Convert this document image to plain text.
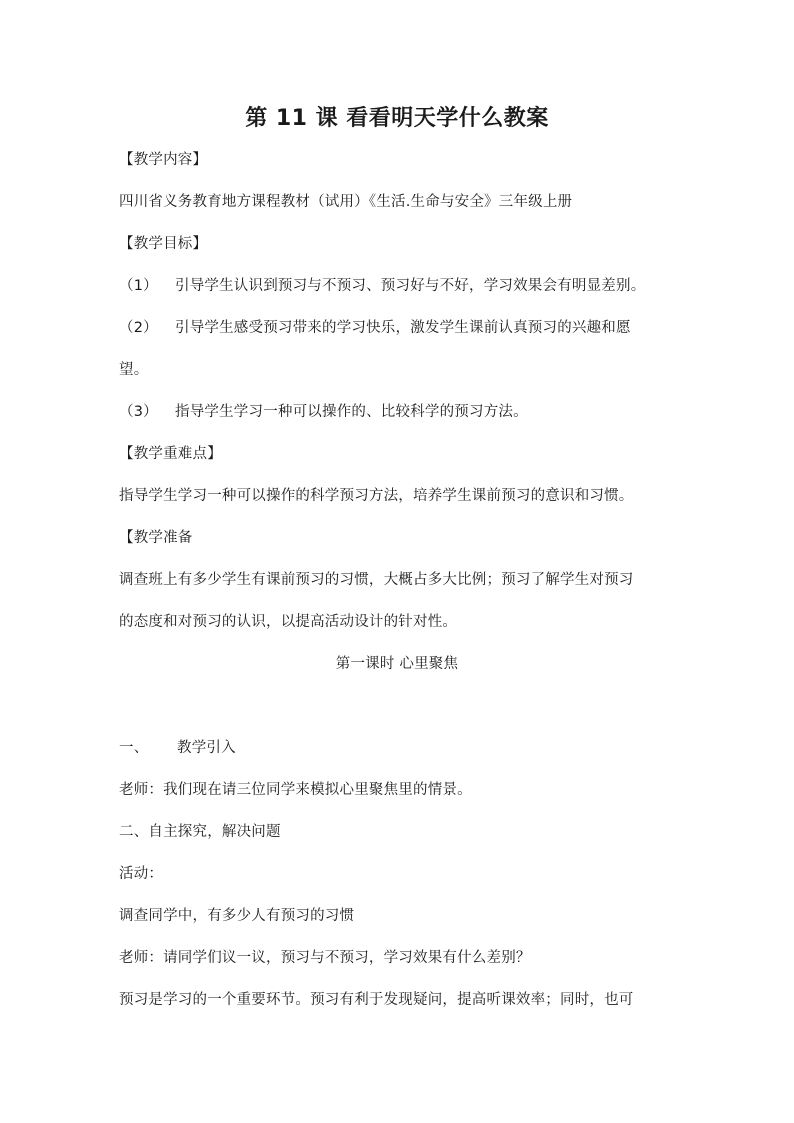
第 11 课 看看明天学什么教案
【教学内容】
四川省义务教育地方课程教材（试用）《生活.生命与安全》三年级上册
【教学目标】
（1） 引导学生认识到预习与不预习、预习好与不好，学习效果会有明显差别。
（2） 引导学生感受预习带来的学习快乐，激发学生课前认真预习的兴趣和愿
望。
（3） 指导学生学习一种可以操作的、比较科学的预习方法。
【教学重难点】
指导学生学习一种可以操作的科学预习方法，培养学生课前预习的意识和习惯。
【教学准备
调查班上有多少学生有课前预习的习惯，大概占多大比例；预习了解学生对预习
的态度和对预习的认识，以提高活动设计的针对性。
第一课时 心里聚焦
一、 教学引入
老师：我们现在请三位同学来模拟心里聚焦里的情景。
二、自主探究，解决问题
活动：
调查同学中，有多少人有预习的习惯
老师：请同学们议一议，预习与不预习，学习效果有什么差别？
预习是学习的一个重要环节。预习有利于发现疑问，提高听课效率；同时，也可
